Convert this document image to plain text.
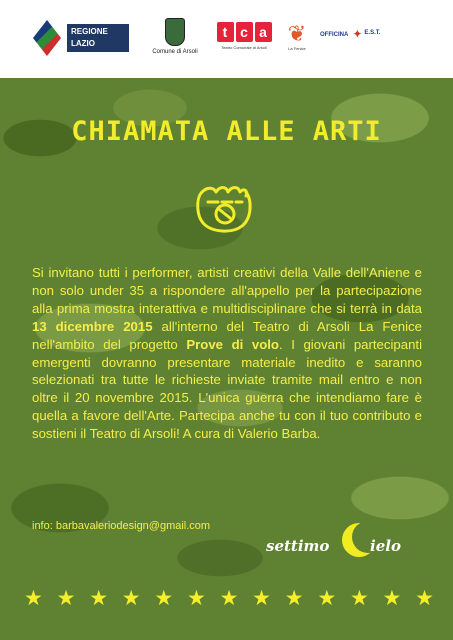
REGIONE
LAZIO
Comune di Arsoli
t c a
Teatro Comunale di Arsoli
❦
La Fenice
OFFICINA ✦ E.S.T.
CHIAMATA ALLE ARTI
Si invitano tutti i performer, artisti creativi della Valle dell'Aniene e non solo under 35 a rispondere all'appello per la partecipazione alla prima mostra interattiva e multidisciplinare che si terrà in data 13 dicembre 2015 all'interno del Teatro di Arsoli La Fenice nell'ambito del progetto Prove di volo. I giovani partecipanti emergenti dovranno presentare materiale inedito e saranno selezionati tra tutte le richieste inviate tramite mail entro e non oltre il 20 novembre 2015. L'unica guerra che intendiamo fare è quella a favore dell'Arte. Partecipa anche tu con il tuo contributo e sostieni il Teatro di Arsoli! A cura di Valerio Barba.
info: barbavaleriodesign@gmail.com
settimo	ielo
★ ★ ★ ★ ★ ★ ★ ★ ★ ★ ★ ★ ★
